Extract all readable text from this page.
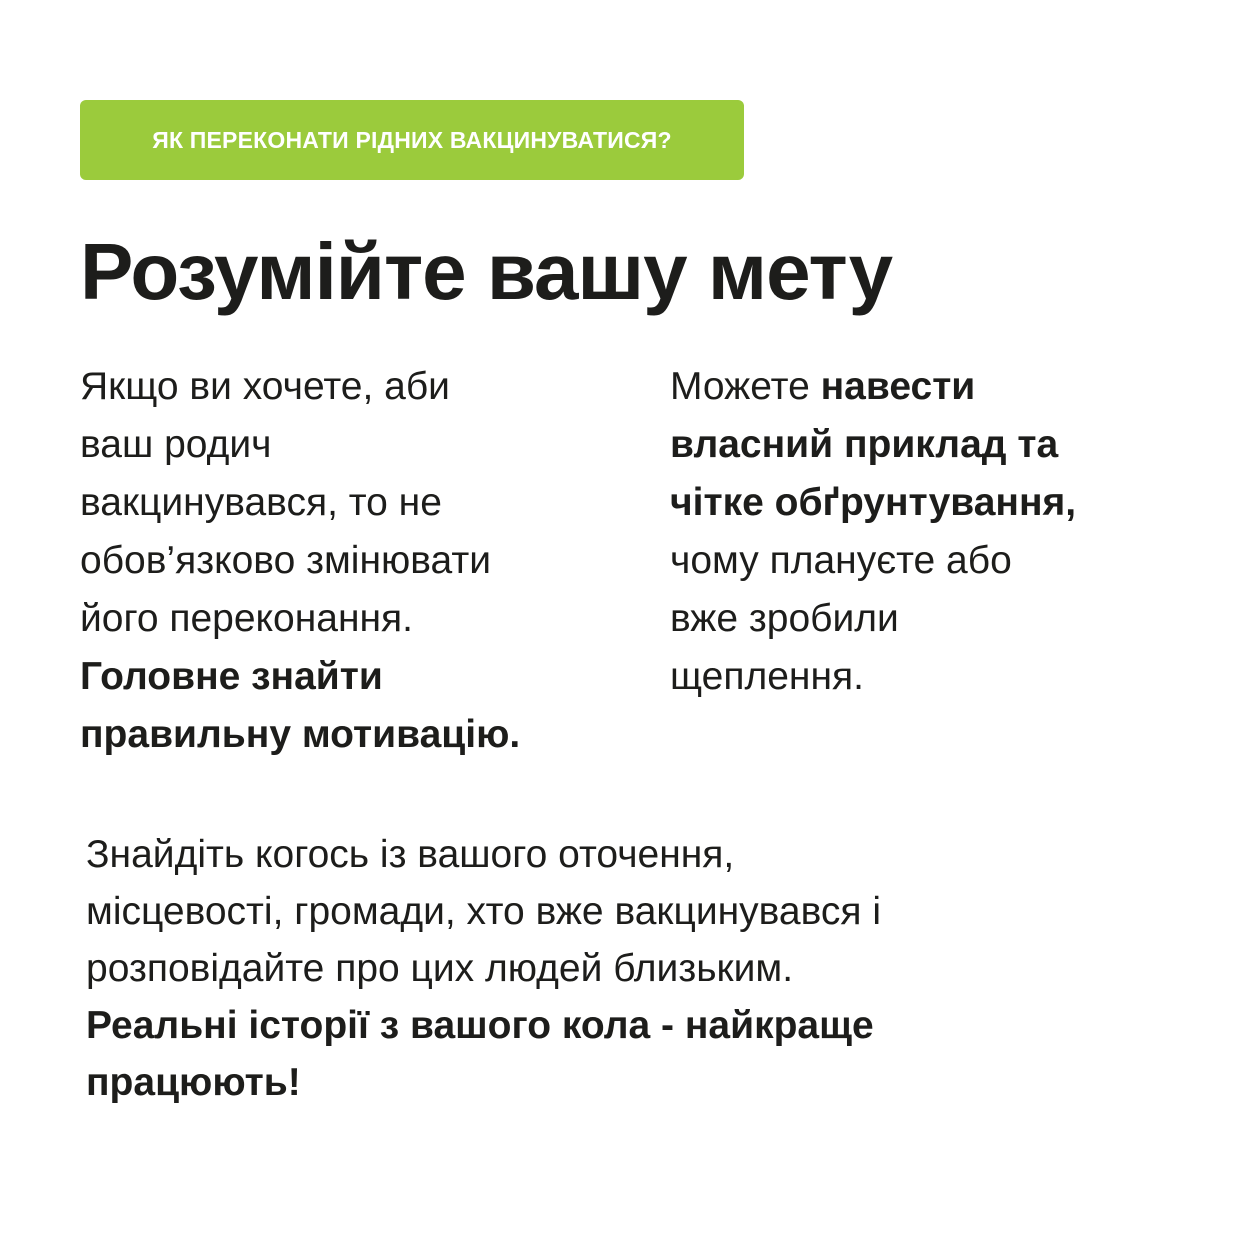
ЯК ПЕРЕКОНАТИ РІДНИХ ВАКЦИНУВАТИСЯ?
Розумійте вашу мету

Якщо ви хочете, аби
ваш родич
вакцинувався, то не
обов’язково змінювати
його переконання.
Головне знайти
правильну мотивацію.

Можете навести
власний приклад та
чітке обґрунтування,
чому плануєте або
вже зробили
щеплення.

Знайдіть когось із вашого оточення,
місцевості, громади, хто вже вакцинувався і
розповідайте про цих людей близьким.
Реальні історії з вашого кола - найкраще
працюють!
